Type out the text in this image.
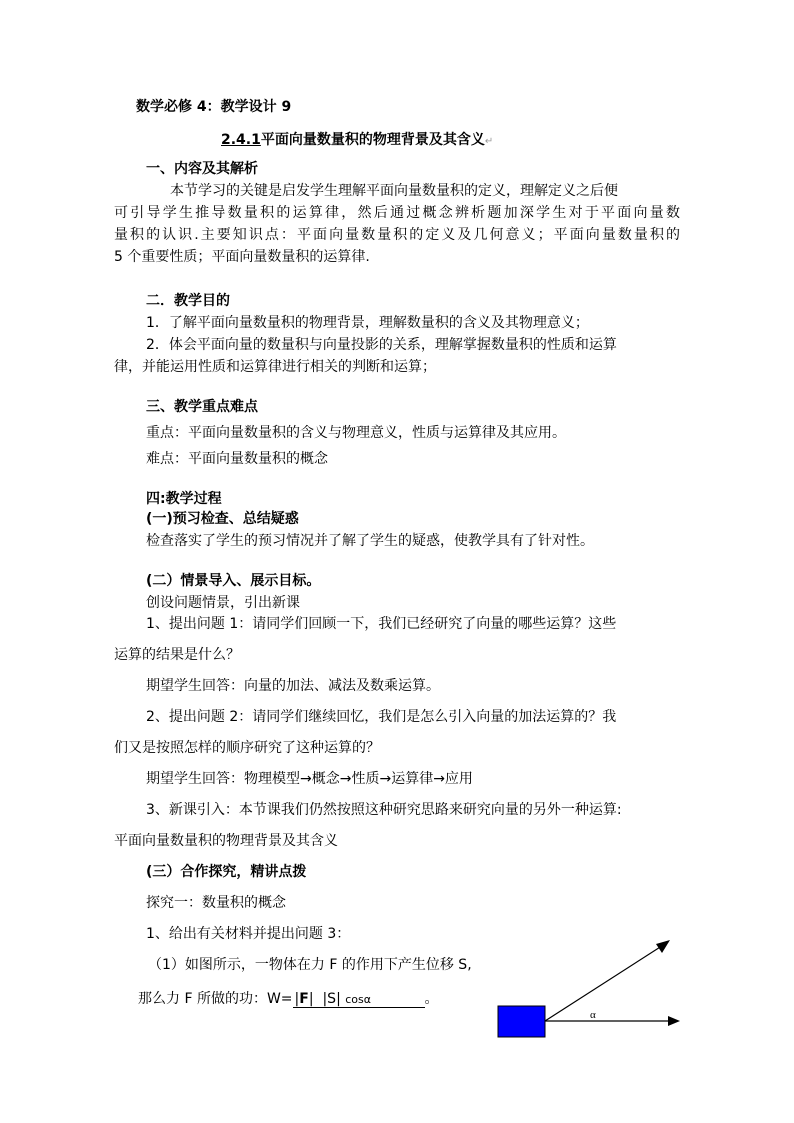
数学必修 4：教学设计 9
2.4.1平面向量数量积的物理背景及其含义↵
一、内容及其解析
本节学习的关键是启发学生理解平面向量数量积的定义，理解定义之后便
可引导学生推导数量积的运算律，然后通过概念辨析题加深学生对于平面向量数
量积的认识.主要知识点：平面向量数量积的定义及几何意义；平面向量数量积的
5 个重要性质；平面向量数量积的运算律.
二．教学目的
1．了解平面向量数量积的物理背景，理解数量积的含义及其物理意义；
2．体会平面向量的数量积与向量投影的关系，理解掌握数量积的性质和运算
律，并能运用性质和运算律进行相关的判断和运算；
三、教学重点难点
重点：平面向量数量积的含义与物理意义，性质与运算律及其应用。
难点：平面向量数量积的概念
四:教学过程
(一)预习检查、总结疑惑
检查落实了学生的预习情况并了解了学生的疑惑，使教学具有了针对性。
(二）情景导入、展示目标。
创设问题情景，引出新课
1、提出问题 1：请同学们回顾一下，我们已经研究了向量的哪些运算？这些
运算的结果是什么？
期望学生回答：向量的加法、减法及数乘运算。
2、提出问题 2：请同学们继续回忆，我们是怎么引入向量的加法运算的？我
们又是按照怎样的顺序研究了这种运算的？
期望学生回答：物理模型→概念→性质→运算律→应用
3、新课引入：本节课我们仍然按照这种研究思路来研究向量的另外一种运算:
平面向量数量积的物理背景及其含义
(三）合作探究，精讲点拨
探究一：数量积的概念
1、给出有关材料并提出问题 3：
（1）如图所示，一物体在力 F 的作用下产生位移 S,
那么力 F 所做的功：W= |F| |S| cosα	。
α
